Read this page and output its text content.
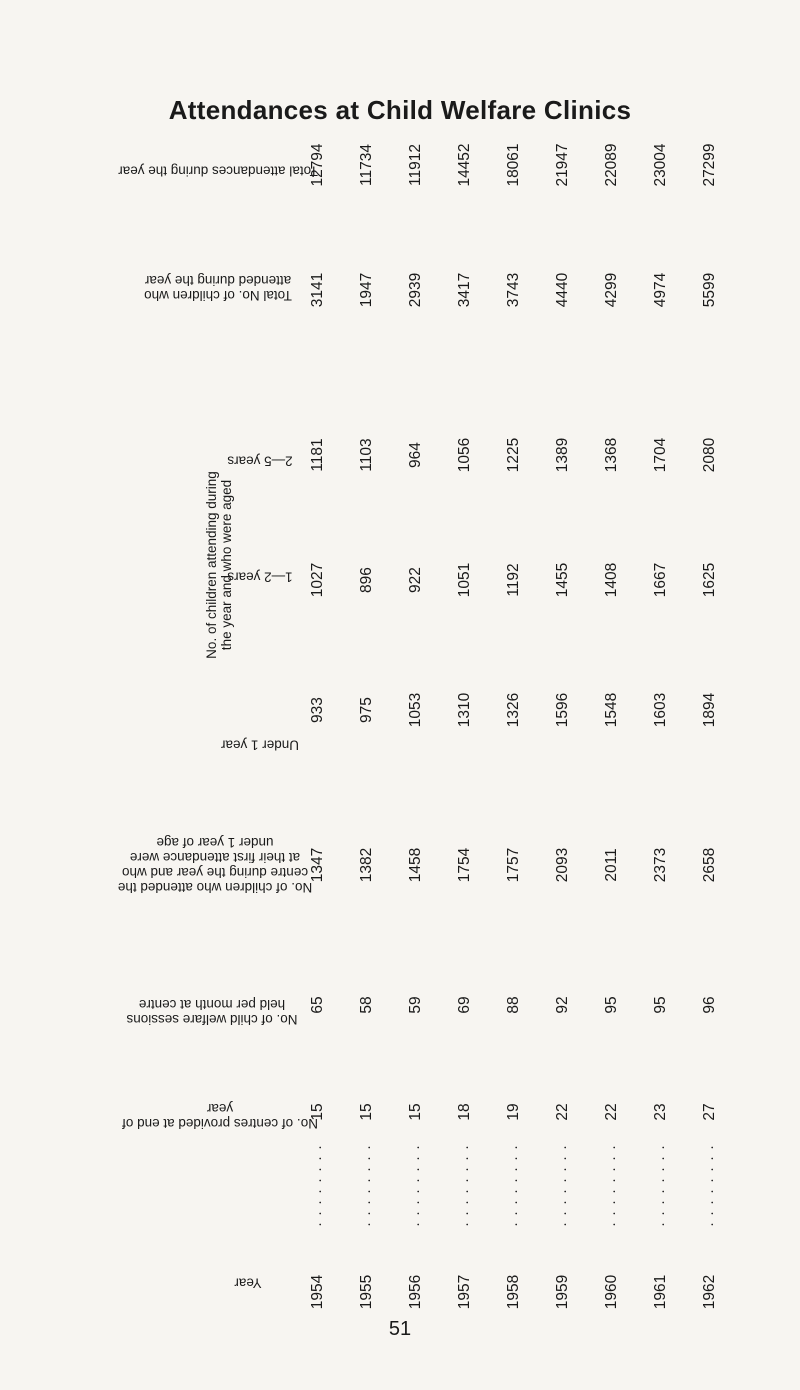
Attendances at Child Welfare Clinics
Total attendances during the year
Total No. of children who attended during the year
No. of children attending during the year and who were aged
2—5 years
1—2 years
Under 1 year
No. of children who attended the centre during the year and who at their first attendance were under 1 year of age
No. of child welfare sessions held per month at centre
No. of centres provided at end of year
Year
12794
3141
1181
1027
933
1347
65
15
1954
. . . . . . . .
11734
1947
1103
896
975
1382
58
15
1955
. . . . . . . .
11912
2939
964
922
1053
1458
59
15
1956
. . . . . . . .
14452
3417
1056
1051
1310
1754
69
18
1957
. . . . . . . .
18061
3743
1225
1192
1326
1757
88
19
1958
. . . . . . . .
21947
4440
1389
1455
1596
2093
92
22
1959
. . . . . . . .
22089
4299
1368
1408
1548
2011
95
22
1960
. . . . . . . .
23004
4974
1704
1667
1603
2373
95
23
1961
. . . . . . . .
27299
5599
2080
1625
1894
2658
96
27
1962
. . . . . . . .
51
